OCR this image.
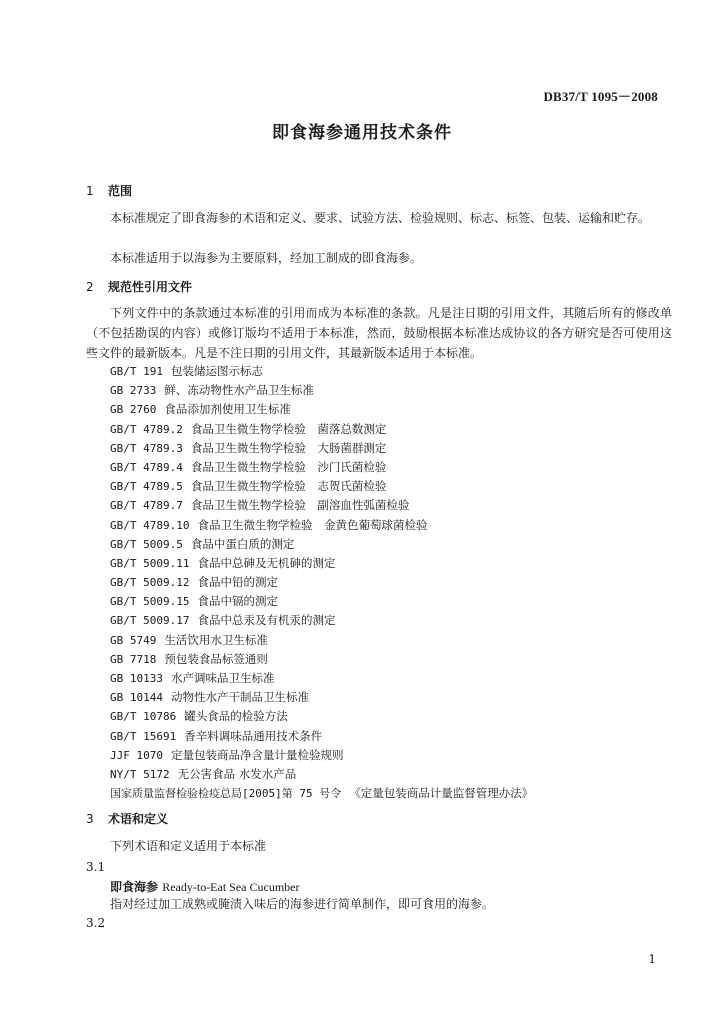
DB37/T 1095－2008
即食海参通用技术条件
1 范围
本标准规定了即食海参的术语和定义、要求、试验方法、检验规则、标志、标签、包装、运输和贮存。
本标准适用于以海参为主要原料，经加工制成的即食海参。
2 规范性引用文件
下列文件中的条款通过本标准的引用而成为本标准的条款。凡是注日期的引用文件，其随后所有的修改单（不包括勘误的内容）或修订版均不适用于本标准，然而，鼓励根据本标准达成协议的各方研究是否可使用这些文件的最新版本。凡是不注日期的引用文件，其最新版本适用于本标准。
GB/T 191 包装储运图示标志
GB 2733 鲜、冻动物性水产品卫生标准
GB 2760 食品添加剂使用卫生标准
GB/T 4789.2 食品卫生微生物学检验　菌落总数测定
GB/T 4789.3 食品卫生微生物学检验　大肠菌群测定
GB/T 4789.4 食品卫生微生物学检验　沙门氏菌检验
GB/T 4789.5 食品卫生微生物学检验　志贺氏菌检验
GB/T 4789.7 食品卫生微生物学检验　副溶血性弧菌检验
GB/T 4789.10 食品卫生微生物学检验　金黄色葡萄球菌检验
GB/T 5009.5 食品中蛋白质的测定
GB/T 5009.11 食品中总砷及无机砷的测定
GB/T 5009.12 食品中铅的测定
GB/T 5009.15 食品中镉的测定
GB/T 5009.17 食品中总汞及有机汞的测定
GB 5749 生活饮用水卫生标准
GB 7718 预包装食品标签通则
GB 10133 水产调味品卫生标准
GB 10144 动物性水产干制品卫生标准
GB/T 10786 罐头食品的检验方法
GB/T 15691 香辛料调味品通用技术条件
JJF 1070 定量包装商品净含量计量检验规则
NY/T 5172 无公害食品 水发水产品
国家质量监督检验检疫总局[2005]第 75 号令 《定量包装商品计量监督管理办法》
3 术语和定义
下列术语和定义适用于本标准
3.1
即食海参 Ready-to-Eat Sea Cucumber
指对经过加工成熟或腌渍入味后的海参进行简单制作，即可食用的海参。
3.2
1
